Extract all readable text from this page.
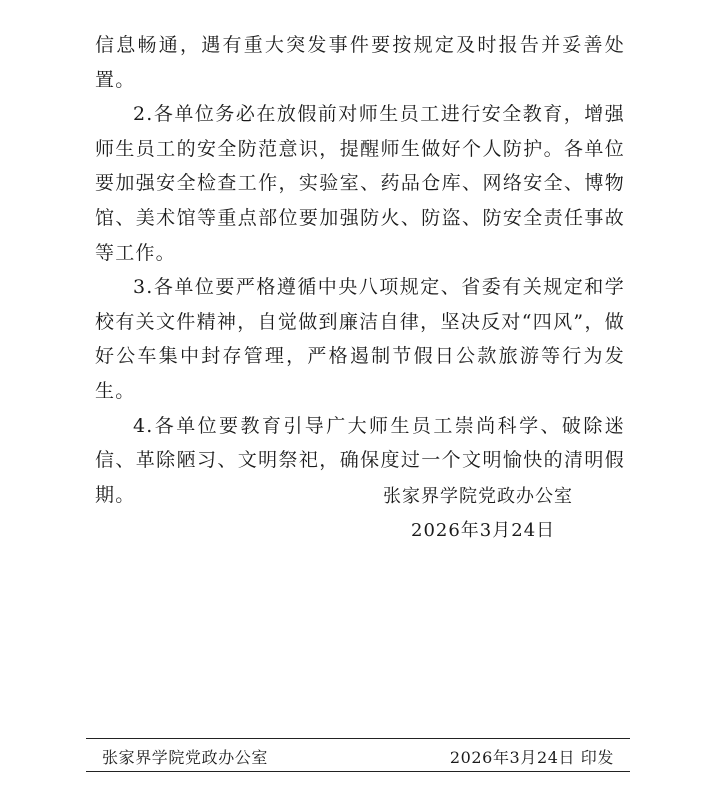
信息畅通，遇有重大突发事件要按规定及时报告并妥善处置。

2.各单位务必在放假前对师生员工进行安全教育，增强师生员工的安全防范意识，提醒师生做好个人防护。各单位要加强安全检查工作，实验室、药品仓库、网络安全、博物馆、美术馆等重点部位要加强防火、防盗、防安全责任事故等工作。

3.各单位要严格遵循中央八项规定、省委有关规定和学校有关文件精神，自觉做到廉洁自律，坚决反对“四风”，做好公车集中封存管理，严格遏制节假日公款旅游等行为发生。

4.各单位要教育引导广大师生员工崇尚科学、破除迷信、革除陋习、文明祭祀，确保度过一个文明愉快的清明假期。	张家界学院党政办公室
2026年3月24日
张家界学院党政办公室	2026年3月24日 印发
